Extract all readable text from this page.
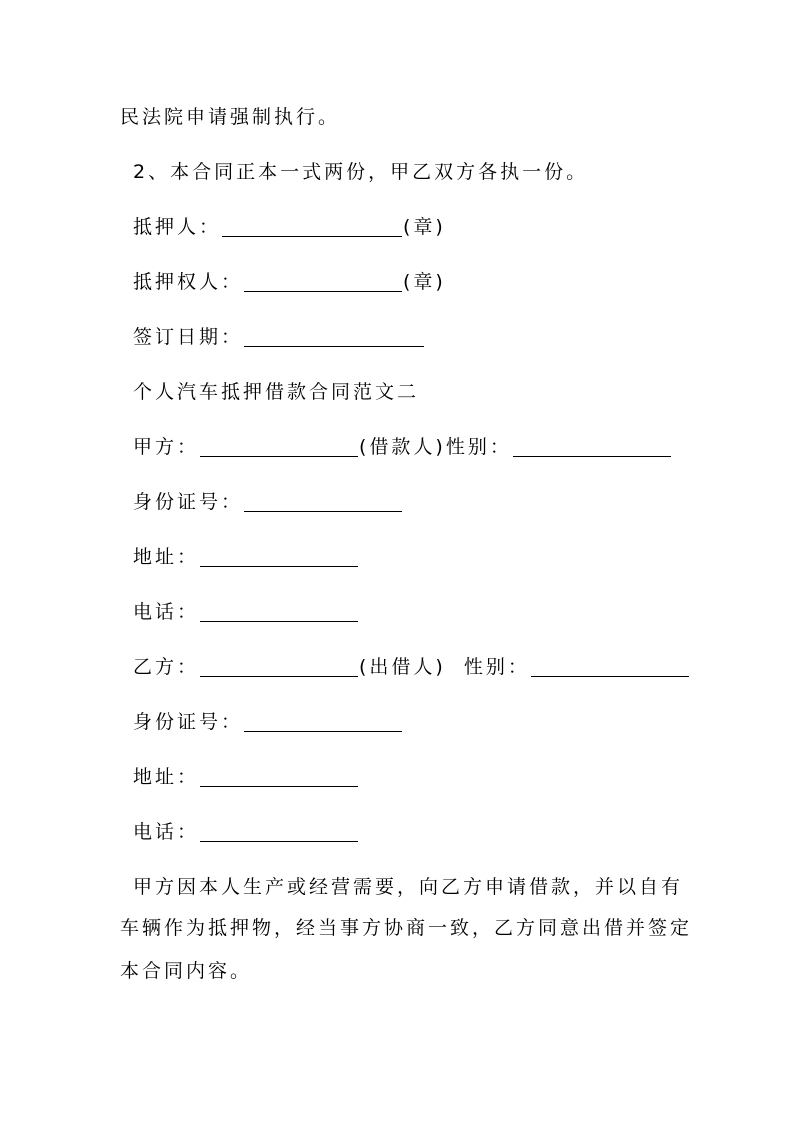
民法院申请强制执行。
2、本合同正本一式两份，甲乙双方各执一份。
抵押人：	(章)
抵押权人：	(章)
签订日期：
个人汽车抵押借款合同范文二
甲方：	(借款人)性别：
身份证号：
地址：
电话：
乙方：	(出借人)  性别：
身份证号：
地址：
电话：
甲方因本人生产或经营需要，向乙方申请借款，并以自有
车辆作为抵押物，经当事方协商一致，乙方同意出借并签定
本合同内容。
